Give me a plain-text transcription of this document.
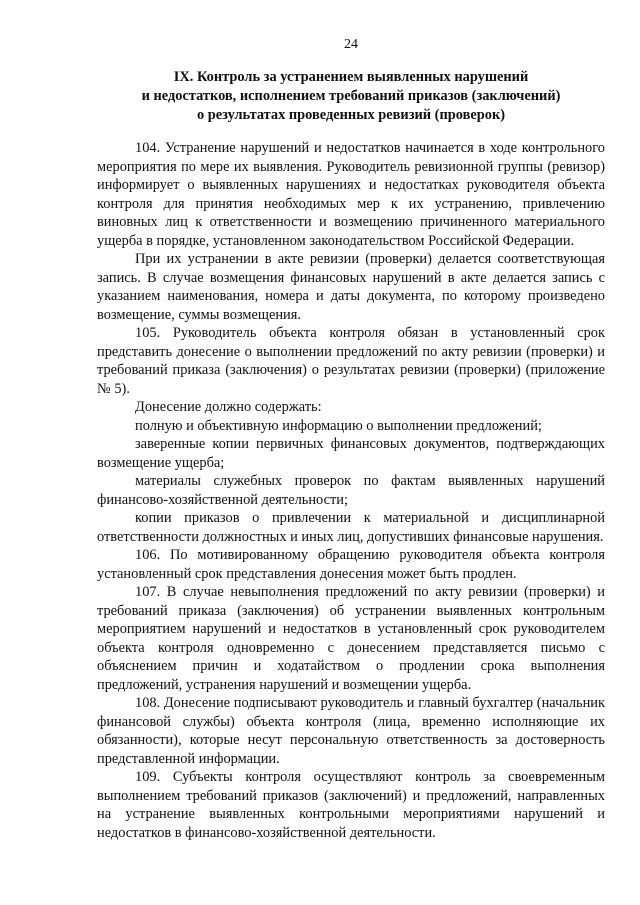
24
IX. Контроль за устранением выявленных нарушений
и недостатков, исполнением требований приказов (заключений)
о результатах проведенных ревизий (проверок)

104. Устранение нарушений и недостатков начинается в ходе контрольного мероприятия по мере их выявления. Руководитель ревизионной группы (ревизор) информирует о выявленных нарушениях и недостатках руководителя объекта контроля для принятия необходимых мер к их устранению, привлечению виновных лиц к ответственности и возмещению причиненного материального ущерба в порядке, установленном законодательством Российской Федерации.

При их устранении в акте ревизии (проверки) делается соответствующая запись. В случае возмещения финансовых нарушений в акте делается запись с указанием наименования, номера и даты документа, по которому произведено возмещение, суммы возмещения.

105. Руководитель объекта контроля обязан в установленный срок представить донесение о выполнении предложений по акту ревизии (проверки) и требований приказа (заключения) о результатах ревизии (проверки) (приложение № 5).

Донесение должно содержать:

полную и объективную информацию о выполнении предложений;

заверенные копии первичных финансовых документов, подтверждающих возмещение ущерба;

материалы служебных проверок по фактам выявленных нарушений финансово-хозяйственной деятельности;

копии приказов о привлечении к материальной и дисциплинарной ответственности должностных и иных лиц, допустивших финансовые нарушения.

106. По мотивированному обращению руководителя объекта контроля установленный срок представления донесения может быть продлен.

107. В случае невыполнения предложений по акту ревизии (проверки) и требований приказа (заключения) об устранении выявленных контрольным мероприятием нарушений и недостатков в установленный срок руководителем объекта контроля одновременно с донесением представляется письмо с объяснением причин и ходатайством о продлении срока выполнения предложений, устранения нарушений и возмещении ущерба.

108. Донесение подписывают руководитель и главный бухгалтер (начальник финансовой службы) объекта контроля (лица, временно исполняющие их обязанности), которые несут персональную ответственность за достоверность представленной информации.

109. Субъекты контроля осуществляют контроль за своевременным выполнением требований приказов (заключений) и предложений, направленных на устранение выявленных контрольными мероприятиями нарушений и недостатков в финансово-хозяйственной деятельности.
